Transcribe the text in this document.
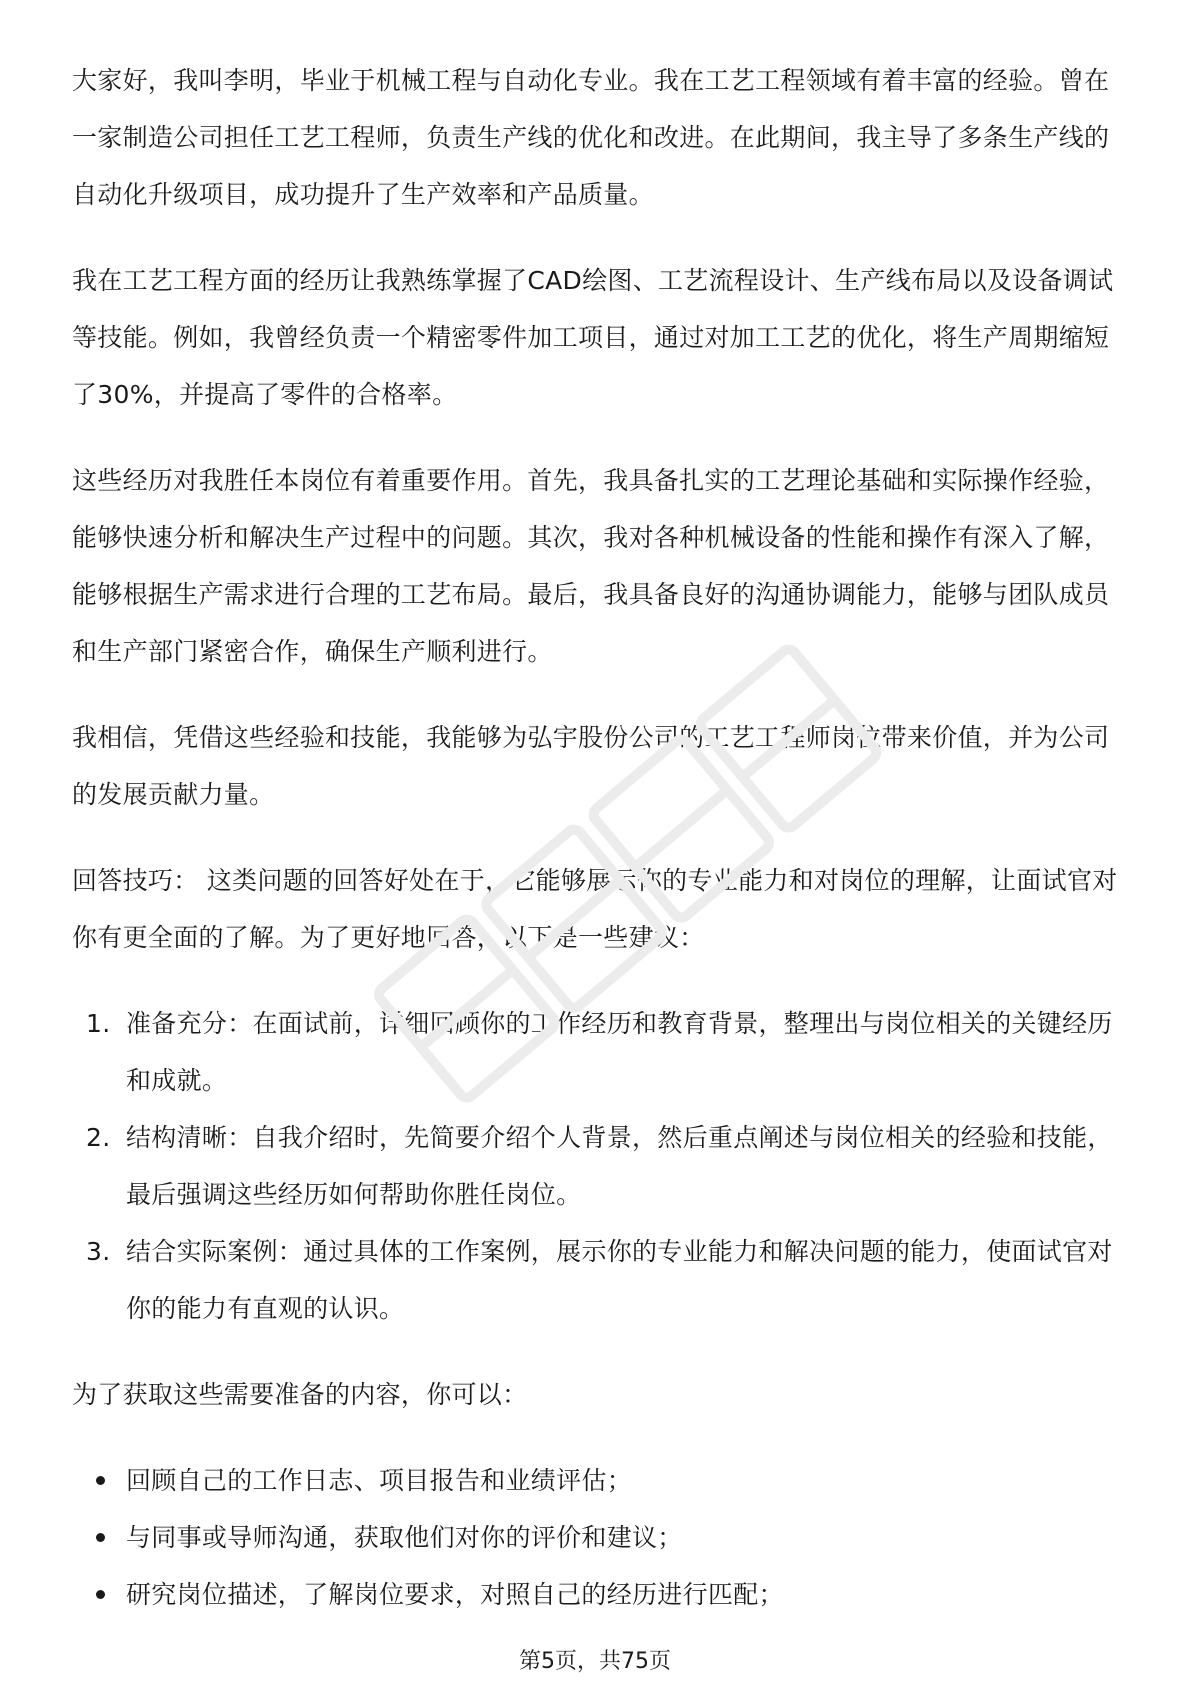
大家好，我叫李明，毕业于机械工程与自动化专业。我在工艺工程领域有着丰富的经验。曾在一家制造公司担任工艺工程师，负责生产线的优化和改进。在此期间，我主导了多条生产线的自动化升级项目，成功提升了生产效率和产品质量。

我在工艺工程方面的经历让我熟练掌握了CAD绘图、工艺流程设计、生产线布局以及设备调试等技能。例如，我曾经负责一个精密零件加工项目，通过对加工工艺的优化，将生产周期缩短了30%，并提高了零件的合格率。

这些经历对我胜任本岗位有着重要作用。首先，我具备扎实的工艺理论基础和实际操作经验，能够快速分析和解决生产过程中的问题。其次，我对各种机械设备的性能和操作有深入了解，能够根据生产需求进行合理的工艺布局。最后，我具备良好的沟通协调能力，能够与团队成员和生产部门紧密合作，确保生产顺利进行。

我相信，凭借这些经验和技能，我能够为弘宇股份公司的工艺工程师岗位带来价值，并为公司的发展贡献力量。

回答技巧： 这类问题的回答好处在于，它能够展示你的专业能力和对岗位的理解，让面试官对你有更全面的了解。为了更好地回答，以下是一些建议：

1. 准备充分：在面试前，详细回顾你的工作经历和教育背景，整理出与岗位相关的关键经历和成就。
2. 结构清晰：自我介绍时，先简要介绍个人背景，然后重点阐述与岗位相关的经验和技能，最后强调这些经历如何帮助你胜任岗位。
3. 结合实际案例：通过具体的工作案例，展示你的专业能力和解决问题的能力，使面试官对你的能力有直观的认识。

为了获取这些需要准备的内容，你可以：

回顾自己的工作日志、项目报告和业绩评估；
与同事或导师沟通，获取他们对你的评价和建议；
研究岗位描述，了解岗位要求，对照自己的经历进行匹配；
第5页，共75页
